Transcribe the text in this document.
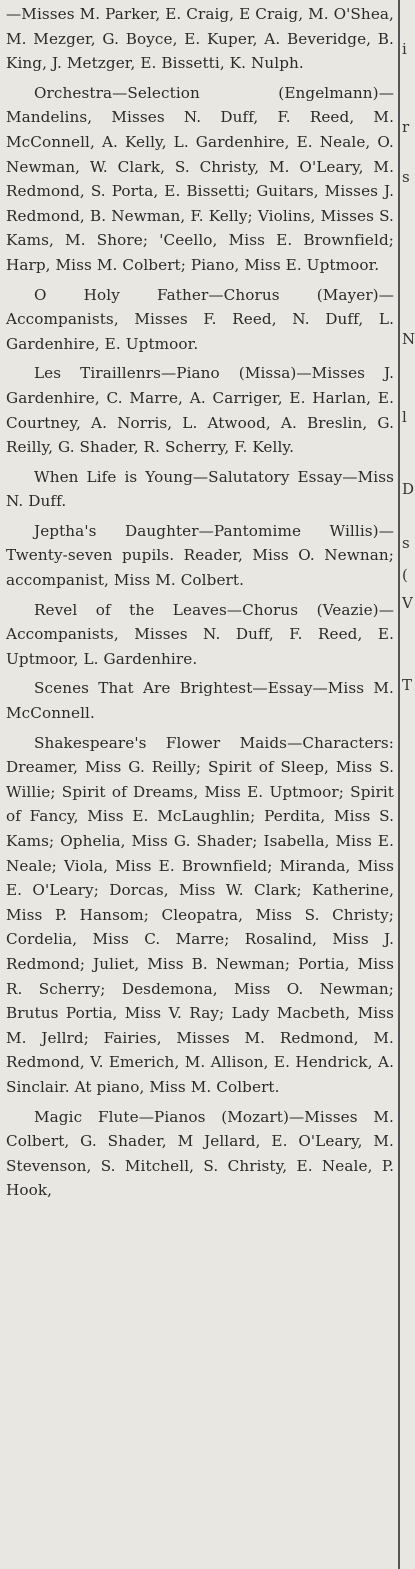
—Misses M. Parker, E. Craig, E Craig, M. O'Shea, M. Mezger, G. Boyce, E. Kuper, A. Beveridge, B. King, J. Metzger, E. Bissetti, K. Nulph.

Orchestra—Selection (Engelmann)—Mandelins, Misses N. Duff, F. Reed, M. McConnell, A. Kelly, L. Gardenhire, E. Neale, O. Newman, W. Clark, S. Christy, M. O'Leary, M. Redmond, S. Porta, E. Bissetti; Guitars, Misses J. Redmond, B. Newman, F. Kelly; Violins, Misses S. Kams, M. Shore; 'Ceello, Miss E. Brownfield; Harp, Miss M. Colbert; Piano, Miss E. Uptmoor.

O Holy Father—Chorus (Mayer)—Accompanists, Misses F. Reed, N. Duff, L. Gardenhire, E. Uptmoor.

Les Tiraillenrs—Piano (Missa)—Misses J. Gardenhire, C. Marre, A. Carriger, E. Harlan, E. Courtney, A. Norris, L. Atwood, A. Breslin, G. Reilly, G. Shader, R. Scherry, F. Kelly.

When Life is Young—Salutatory Essay—Miss N. Duff.

Jeptha's Daughter—Pantomime Willis)—Twenty-seven pupils. Reader, Miss O. Newnan; accompanist, Miss M. Colbert.

Revel of the Leaves—Chorus (Veazie)—Accompanists, Misses N. Duff, F. Reed, E. Uptmoor, L. Gardenhire.

Scenes That Are Brightest—Essay—Miss M. McConnell.

Shakespeare's Flower Maids—Characters: Dreamer, Miss G. Reilly; Spirit of Sleep, Miss S. Willie; Spirit of Dreams, Miss E. Uptmoor; Spirit of Fancy, Miss E. McLaughlin; Perdita, Miss S. Kams; Ophelia, Miss G. Shader; Isabella, Miss E. Neale; Viola, Miss E. Brownfield; Miranda, Miss E. O'Leary; Dorcas, Miss W. Clark; Katherine, Miss P. Hansom; Cleopatra, Miss S. Christy; Cordelia, Miss C. Marre; Rosalind, Miss J. Redmond; Juliet, Miss B. Newman; Portia, Miss R. Scherry; Desdemona, Miss O. Newman; Brutus Portia, Miss V. Ray; Lady Macbeth, Miss M. Jellrd; Fairies, Misses M. Redmond, M. Redmond, V. Emerich, M. Allison, E. Hendrick, A. Sinclair. At piano, Miss M. Colbert.

Magic Flute—Pianos (Mozart)—Misses M. Colbert, G. Shader, M Jellard, E. O'Leary, M. Stevenson, S. Mitchell, S. Christy, E. Neale, P. Hook,

i
r
s
N
l
D
s
(
V
T
